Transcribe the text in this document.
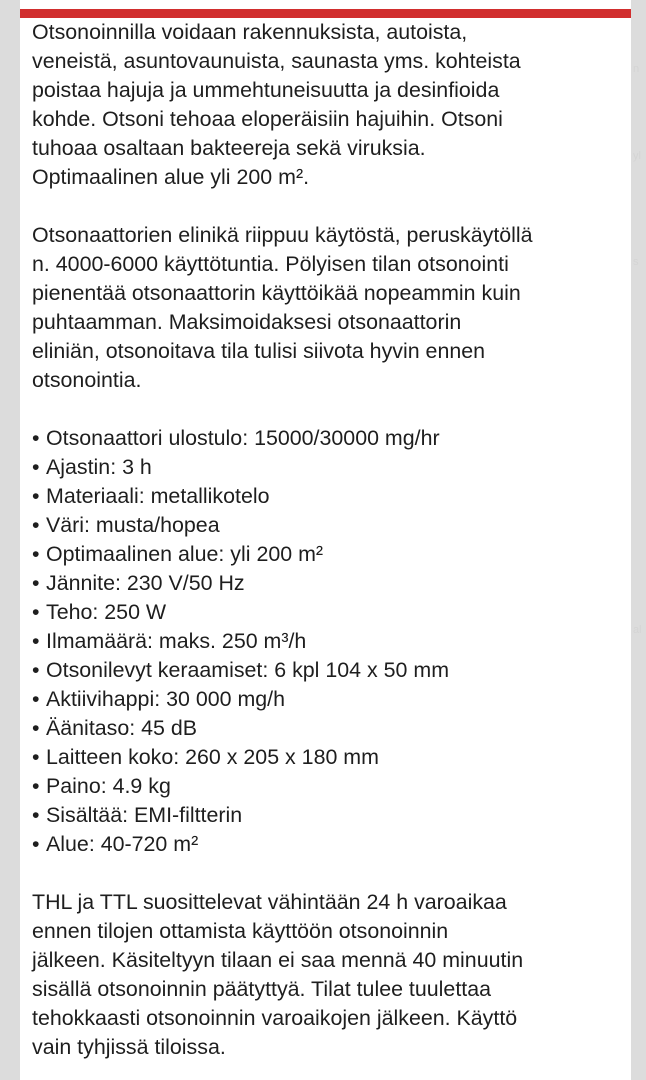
Otsonoinnilla voidaan rakennuksista, autoista,
veneistä, asuntovaunuista, saunasta yms. kohteista
poistaa hajuja ja ummehtuneisuutta ja desinfioida
kohde. Otsoni tehoaa eloperäisiin hajuihin. Otsoni
tuhoaa osaltaan bakteereja sekä viruksia.
Optimaalinen alue yli 200 m².

Otsonaattorien elinikä riippuu käytöstä, peruskäytöllä
n. 4000-6000 käyttötuntia. Pölyisen tilan otsonointi
pienentää otsonaattorin käyttöikää nopeammin kuin
puhtaamman. Maksimoidaksesi otsonaattorin
eliniän, otsonoitava tila tulisi siivota hyvin ennen
otsonointia.

• Otsonaattori ulostulo: 15000/30000 mg/hr
• Ajastin: 3 h
• Materiaali: metallikotelo
• Väri: musta/hopea
• Optimaalinen alue: yli 200 m²
• Jännite: 230 V/50 Hz
• Teho: 250 W
• Ilmamäärä: maks. 250 m³/h
• Otsonilevyt keraamiset: 6 kpl 104 x 50 mm
• Aktiivihappi: 30 000 mg/h
• Äänitaso: 45 dB
• Laitteen koko: 260 x 205 x 180 mm
• Paino: 4.9 kg
• Sisältää: EMI-filtterin
• Alue: 40-720 m²

THL ja TTL suosittelevat vähintään 24 h varoaikaa
ennen tilojen ottamista käyttöön otsonoinnin
jälkeen. Käsiteltyyn tilaan ei saa mennä 40 minuutin
sisällä otsonoinnin päätyttyä. Tilat tulee tuulettaa
tehokkaasti otsonoinnin varoaikojen jälkeen. Käyttö
vain tyhjissä tiloissa.

n
yl
s
al
